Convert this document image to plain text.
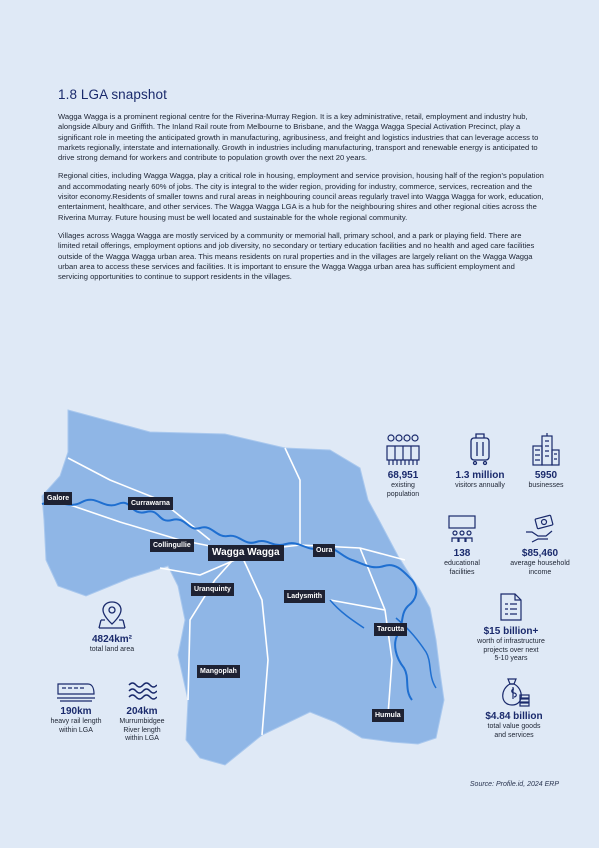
1.8 LGA snapshot

Wagga Wagga is a prominent regional centre for the Riverina-Murray Region. It is a key administrative, retail, employment and industry hub, alongside Albury and Griffith. The Inland Rail route from Melbourne to Brisbane, and the Wagga Wagga Special Activation Precinct, play a significant role in meeting the anticipated growth in manufacturing, agribusiness, and freight and logistics industries that can leverage access to markets regionally, interstate and internationally. Growth in industries including manufacturing, transport and renewable energy is anticipated to drive strong demand for workers and contribute to population growth over the next 20 years.

Regional cities, including Wagga Wagga, play a critical role in housing, employment and service provision, housing half of the region's population and accommodating nearly 60% of jobs. The city is integral to the wider region, providing for industry, commerce, services, recreation and the visitor economy.Residents of smaller towns and rural areas in neighbouring council areas regularly travel into Wagga Wagga for work, education, entertainment, healthcare, and other services. The Wagga Wagga LGA is a hub for the neighbouring shires and other regional cities across the Riverina Murray. Future housing must be well located and sustainable for the whole regional community.

Villages across Wagga Wagga are mostly serviced by a community or memorial hall, primary school, and a park or playing field. There are limited retail offerings, employment options and job diversity, no secondary or tertiary education facilities and no health and aged care facilities outside of the Wagga Wagga urban area. This means residents on rural properties and in the villages are largely reliant on the Wagga Wagga urban area to access these services and facilities. It is important to ensure the Wagga Wagga urban area has sufficient employment and servicing opportunities to continue to support residents in the villages.

Galore
Currawarna
Collingullie
Wagga Wagga	Oura
Uranquinty
Ladysmith
Tarcutta
Mangoplah
Humula
68,951
existing
population
1.3 million
visitors annually
5950
businesses
138
educational
facilities
$85,460
average household
income
$15 billion+
worth of infrastructure
projects over next
5-10 years
$4.84 billion
total value goods
and services
4824km²
total land area
190km
heavy rail length
within LGA
204km
Murrumbidgee
River length
within LGA
Source: Profile.id, 2024 ERP
